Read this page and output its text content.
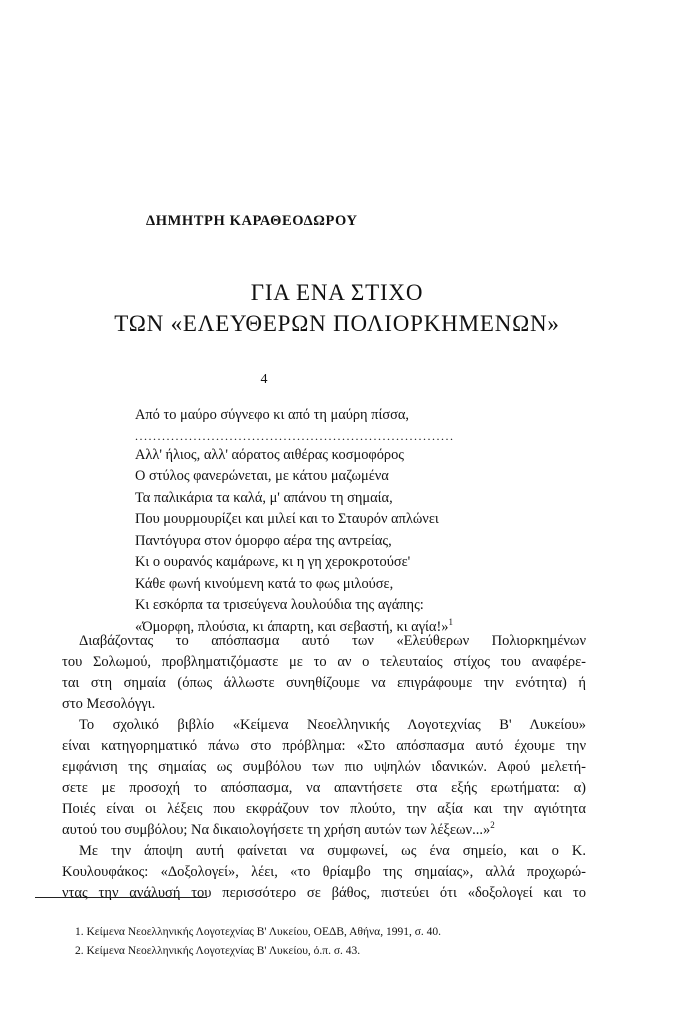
ΔΗΜΗΤΡΗ ΚΑΡΑΘΕΟΔΩΡΟΥ
ΓΙΑ ΕΝΑ ΣΤΙΧΟ
ΤΩΝ «ΕΛΕΥΘΕΡΩΝ ΠΟΛΙΟΡΚΗΜΕΝΩΝ»
4
Από το μαύρο σύγνεφο κι από τη μαύρη πίσσα,
.......................................................................
Αλλ' ήλιος, αλλ' αόρατος αιθέρας κοσμοφόρος
Ο στύλος φανερώνεται, με κάτου μαζωμένα
Τα παλικάρια τα καλά, μ' απάνου τη σημαία,
Που μουρμουρίζει και μιλεί και το Σταυρόν απλώνει
Παντόγυρα στον όμορφο αέρα της αντρείας,
Κι ο ουρανός καμάρωνε, κι η γη χεροκροτούσε'
Κάθε φωνή κινούμενη κατά το φως μιλούσε,
Κι εσκόρπα τα τρισεύγενα λουλούδια της αγάπης:
«Όμορφη, πλούσια, κι άπαρτη, και σεβαστή, κι αγία!»$^1$
Διαβάζοντας το απόσπασμα αυτό των «Ελεύθερων Πολιορκημένων
του Σολωμού, προβληματιζόμαστε με το αν ο τελευταίος στίχος του αναφέρε-
ται στη σημαία (όπως άλλωστε συνηθίζουμε να επιγράφουμε την ενότητα) ή
στο Μεσολόγγι.
Το σχολικό βιβλίο «Κείμενα Νεοελληνικής Λογοτεχνίας Β' Λυκείου»
είναι κατηγορηματικό πάνω στο πρόβλημα: «Στο απόσπασμα αυτό έχουμε την
εμφάνιση της σημαίας ως συμβόλου των πιο υψηλών ιδανικών. Αφού μελετή-
σετε με προσοχή το απόσπασμα, να απαντήσετε στα εξής ερωτήματα: α)
Ποιές είναι οι λέξεις που εκφράζουν τον πλούτο, την αξία και την αγιότητα
αυτού του συμβόλου; Να δικαιολογήσετε τη χρήση αυτών των λέξεων...»$^2$
Με την άποψη αυτή φαίνεται να συμφωνεί, ως ένα σημείο, και ο Κ.
Κουλουφάκος: «Δοξολογεί», λέει, «το θρίαμβο της σημαίας», αλλά προχωρώ-
ντας την ανάλυσή του περισσότερο σε βάθος, πιστεύει ότι «δοξολογεί και το
1. Κείμενα Νεοελληνικής Λογοτεχνίας Β' Λυκείου, ΟΕΔΒ, Αθήνα, 1991, σ. 40.
2. Κείμενα Νεοελληνικής Λογοτεχνίας Β' Λυκείου, ό.π. σ. 43.
